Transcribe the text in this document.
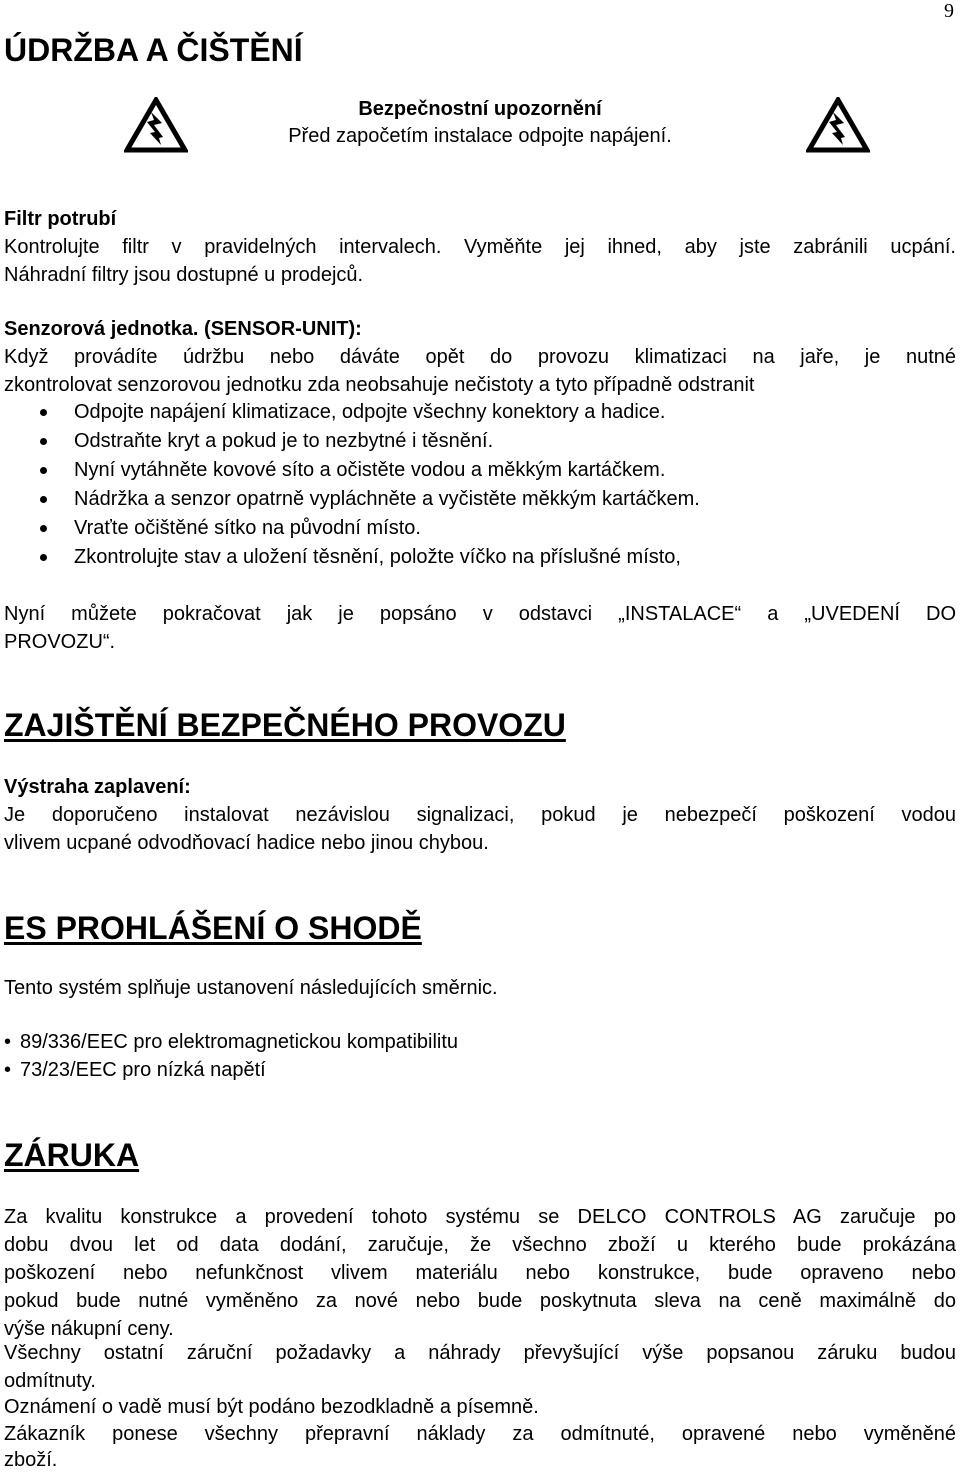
9
ÚDRŽBA A ČIŠTĚNÍ
Bezpečnostní upozornění
Před započetím instalace odpojte napájení.
Filtr potrubí
Kontrolujte filtr v pravidelných intervalech. Vyměňte jej ihned, aby jste zabránili ucpání.
Náhradní filtry jsou dostupné u prodejců.
Senzorová jednotka. (SENSOR-UNIT):
Když provádíte údržbu nebo dáváte opět do provozu klimatizaci na jaře, je nutné
zkontrolovat senzorovou jednotku zda neobsahuje nečistoty a tyto případně odstranit
Odpojte napájení klimatizace, odpojte všechny konektory a hadice.
Odstraňte kryt a pokud je to nezbytné i těsnění.
Nyní vytáhněte kovové síto a očistěte vodou a měkkým kartáčkem.
Nádržka a senzor opatrně vypláchněte a vyčistěte měkkým kartáčkem.
Vraťte očištěné sítko na původní místo.
Zkontrolujte stav a uložení těsnění, položte víčko na příslušné místo,
Nyní můžete pokračovat jak je popsáno v odstavci „INSTALACE“ a „UVEDENÍ DO
PROVOZU“.
ZAJIŠTĚNÍ BEZPEČNÉHO PROVOZU
Výstraha zaplavení:
Je doporučeno instalovat nezávislou signalizaci, pokud je nebezpečí poškození vodou
vlivem ucpané odvodňovací hadice nebo jinou chybou.
ES PROHLÁŠENÍ O SHODĚ
Tento systém splňuje ustanovení následujících směrnic.
• 89/336/EEC pro elektromagnetickou kompatibilitu
• 73/23/EEC pro nízká napětí
ZÁRUKA
Za kvalitu konstrukce a provedení tohoto systému se DELCO CONTROLS AG zaručuje po
dobu dvou let od data dodání, zaručuje, že všechno zboží u kterého bude prokázána
poškození nebo nefunkčnost vlivem materiálu nebo konstrukce, bude opraveno nebo
pokud bude nutné vyměněno za nové nebo bude poskytnuta sleva na ceně maximálně do
výše nákupní ceny.
Všechny ostatní záruční požadavky a náhrady převyšující výše popsanou záruku budou
odmítnuty.
Oznámení o vadě musí být podáno bezodkladně a písemně.
Zákazník ponese všechny přepravní náklady za odmítnuté, opravené nebo vyměněné
zboží.
